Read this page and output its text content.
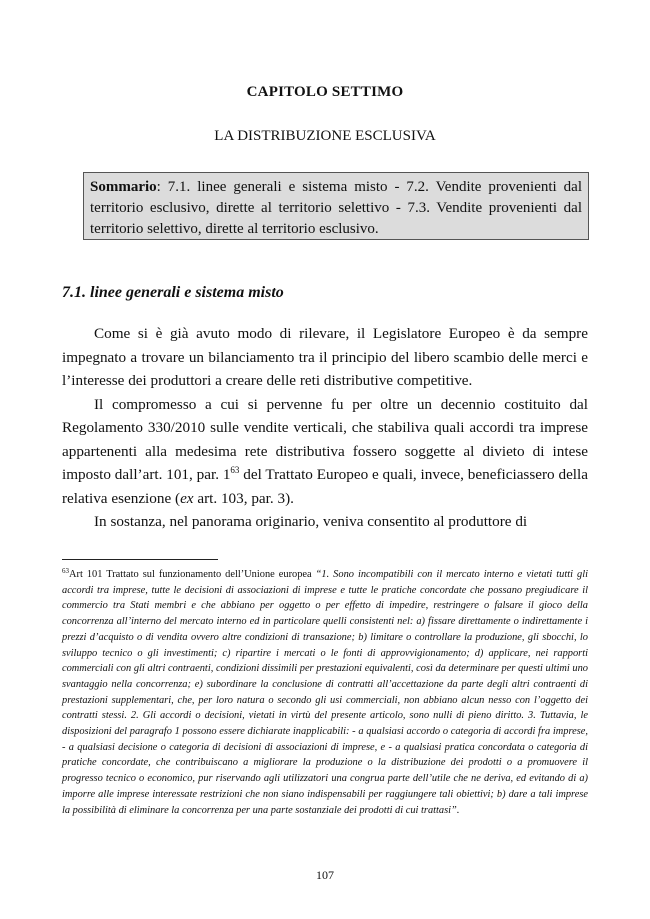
CAPITOLO SETTIMO
LA DISTRIBUZIONE ESCLUSIVA
Sommario: 7.1. linee generali e sistema misto - 7.2. Vendite provenienti dal territorio esclusivo, dirette al territorio selettivo - 7.3. Vendite provenienti dal territorio selettivo, dirette al territorio esclusivo.
7.1. linee generali e sistema misto

Come si è già avuto modo di rilevare, il Legislatore Europeo è da sempre impegnato a trovare un bilanciamento tra il principio del libero scambio delle merci e l’interesse dei produttori a creare delle reti distributive competitive.

Il compromesso a cui si pervenne fu per oltre un decennio costituito dal Regolamento 330/2010 sulle vendite verticali, che stabiliva quali accordi tra imprese appartenenti alla medesima rete distributiva fossero soggette al divieto di intese imposto dall’art. 101, par. $1^{63}$ del Trattato Europeo e quali, invece, beneficiassero della relativa esenzione (ex art. 103, par. 3).

In sostanza, nel panorama originario, veniva consentito al produttore di

$^{63}$Art 101 Trattato sul funzionamento dell’Unione europea “1. Sono incompatibili con il mercato interno e vietati tutti gli accordi tra imprese, tutte le decisioni di associazioni di imprese e tutte le pratiche concordate che possano pregiudicare il commercio tra Stati membri e che abbiano per oggetto o per effetto di impedire, restringere o falsare il gioco della concorrenza all’interno del mercato interno ed in particolare quelli consistenti nel: a) fissare direttamente o indirettamente i prezzi d’acquisto o di vendita ovvero altre condizioni di transazione; b) limitare o controllare la produzione, gli sbocchi, lo sviluppo tecnico o gli investimenti; c) ripartire i mercati o le fonti di approvvigionamento; d) applicare, nei rapporti commerciali con gli altri contraenti, condizioni dissimili per prestazioni equivalenti, così da determinare per questi ultimi uno svantaggio nella concorrenza; e) subordinare la conclusione di contratti all’accettazione da parte degli altri contraenti di prestazioni supplementari, che, per loro natura o secondo gli usi commerciali, non abbiano alcun nesso con l’oggetto dei contratti stessi. 2. Gli accordi o decisioni, vietati in virtù del presente articolo, sono nulli di pieno diritto. 3. Tuttavia, le disposizioni del paragrafo 1 possono essere dichiarate inapplicabili: - a qualsiasi accordo o categoria di accordi fra imprese, - a qualsiasi decisione o categoria di decisioni di associazioni di imprese, e - a qualsiasi pratica concordata o categoria di pratiche concordate, che contribuiscano a migliorare la produzione o la distribuzione dei prodotti o a promuovere il progresso tecnico o economico, pur riservando agli utilizzatori una congrua parte dell’utile che ne deriva, ed evitando di a) imporre alle imprese interessate restrizioni che non siano indispensabili per raggiungere tali obiettivi; b) dare a tali imprese la possibilità di eliminare la concorrenza per una parte sostanziale dei prodotti di cui trattasi”.
107
